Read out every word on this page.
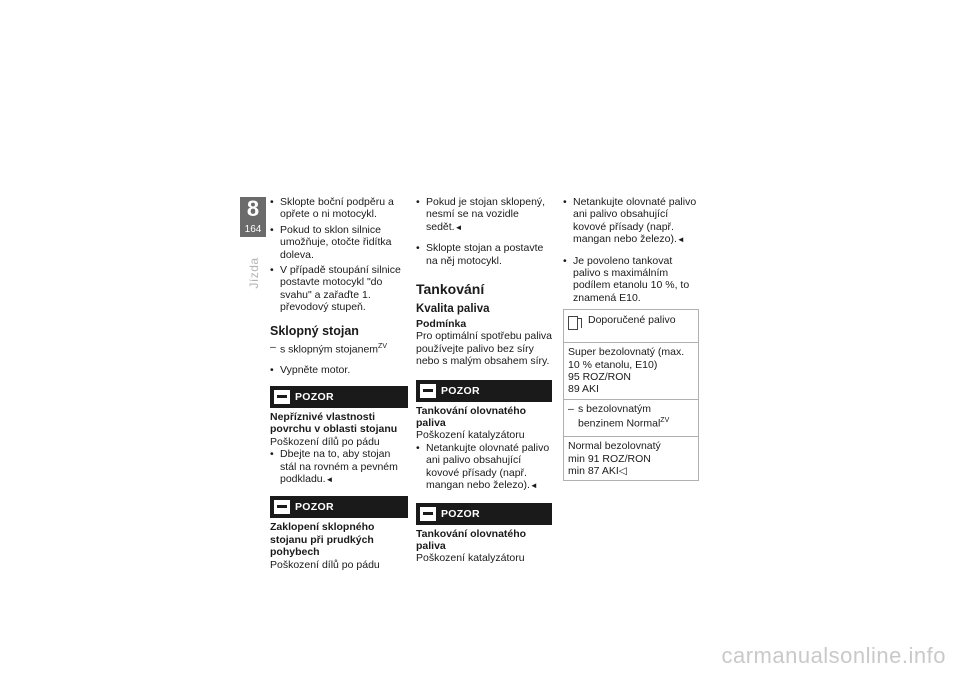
8
164
Jízda
• Sklopte boční podpěru a opřete o ni motocykl.
• Pokud to sklon silnice umožňuje, otočte řidítka doleva.
• V případě stoupání silnice postavte motocykl "do svahu" a zařaďte 1. převodový stupeň.
Sklopný stojan
– s sklopným stojanem$^{ZV}$
• Vypněte motor.
POZOR
Nepříznivé vlastnosti povrchu v oblasti stojanu
Poškození dílů po pádu
• Dbejte na to, aby stojan stál na rovném a pevném podkladu.◄
POZOR
Zaklopení sklopného stojanu při prudkých pohybech
Poškození dílů po pádu
• Pokud je stojan sklopený, nesmí se na vozidle sedět.◄
• Sklopte stojan a postavte na něj motocykl.
Tankování
Kvalita paliva
Podmínka

Pro optimální spotřebu paliva používejte palivo bez síry nebo s malým obsahem síry.

POZOR
Tankování olovnatého paliva
Poškození katalyzátoru
• Netankujte olovnaté palivo ani palivo obsahující kovové přísady (např. mangan nebo železo).◄
POZOR
Tankování olovnatého paliva
Poškození katalyzátoru
• Netankujte olovnaté palivo ani palivo obsahující kovové přísady (např. mangan nebo železo).◄
• Je povoleno tankovat palivo s maximálním podílem etanolu 10 %, to znamená E10.
Doporučené palivo
Super bezolovnatý (max. 10 % etanolu, E10)
95 ROZ/RON
89 AKI
– s bezolovnatým benzinem Normal$^{ZV}$
Normal bezolovnatý
min 91 ROZ/RON
min 87 AKI◁
carmanualsonline.info
